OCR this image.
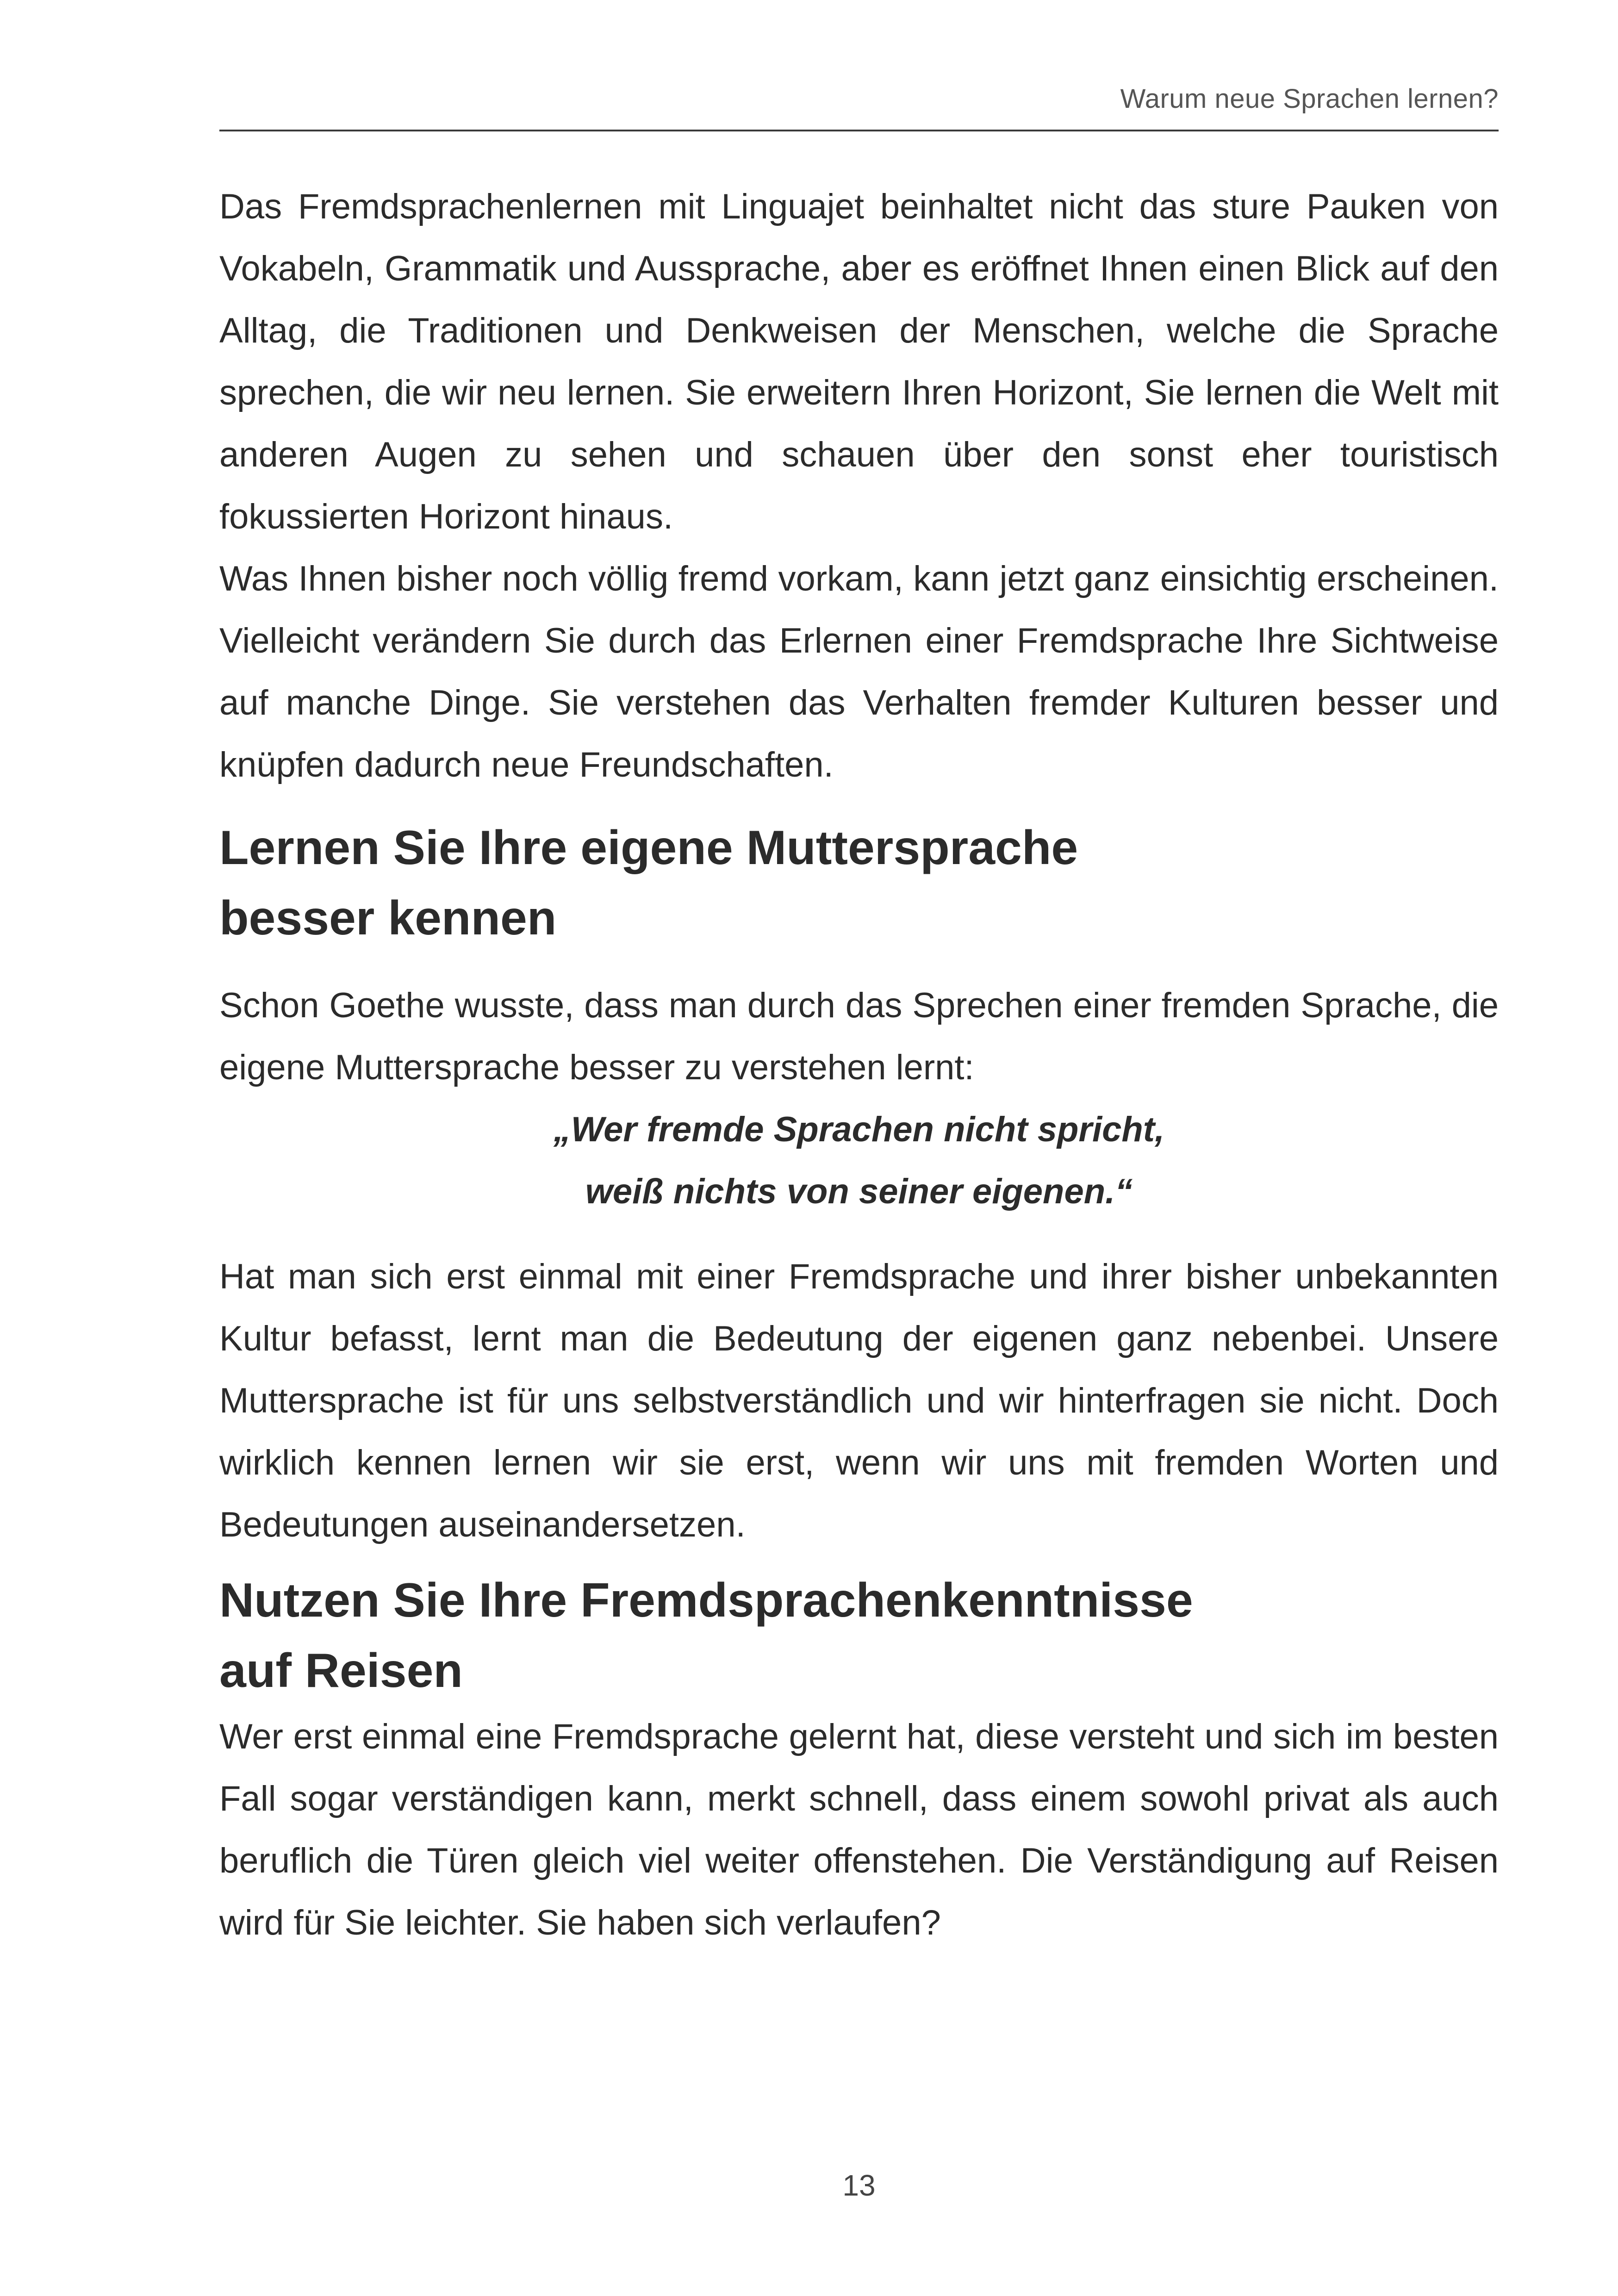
Warum neue Sprachen lernen?

Das Fremdsprachenlernen mit Linguajet beinhaltet nicht das sture Pauken von Vokabeln, Grammatik und Aussprache, aber es eröffnet Ihnen einen Blick auf den Alltag, die Traditionen und Denkweisen der Menschen, welche die Sprache sprechen, die wir neu lernen. Sie erweitern Ihren Horizont, Sie lernen die Welt mit anderen Augen zu sehen und schauen über den sonst eher touristisch fokussierten Horizont hinaus.

Was Ihnen bisher noch völlig fremd vorkam, kann jetzt ganz einsichtig erscheinen. Vielleicht verändern Sie durch das Erlernen einer Fremdsprache Ihre Sichtweise auf manche Dinge. Sie verstehen das Verhalten fremder Kulturen besser und knüpfen dadurch neue Freundschaften.

Lernen Sie Ihre eigene Muttersprache
besser kennen

Schon Goethe wusste, dass man durch das Sprechen einer fremden Sprache, die eigene Muttersprache besser zu verstehen lernt:

„Wer fremde Sprachen nicht spricht,
weiß nichts von seiner eigenen.“

Hat man sich erst einmal mit einer Fremdsprache und ihrer bisher unbekannten Kultur befasst, lernt man die Bedeutung der eigenen ganz nebenbei. Unsere Muttersprache ist für uns selbstverständlich und wir hinterfragen sie nicht. Doch wirklich kennen lernen wir sie erst, wenn wir uns mit fremden Worten und Bedeutungen auseinandersetzen.

Nutzen Sie Ihre Fremdsprachenkenntnisse
auf Reisen

Wer erst einmal eine Fremdsprache gelernt hat, diese versteht und sich im besten Fall sogar verständigen kann, merkt schnell, dass einem sowohl privat als auch beruflich die Türen gleich viel weiter offenstehen. Die Verständigung auf Reisen wird für Sie leichter. Sie haben sich verlaufen?

13
